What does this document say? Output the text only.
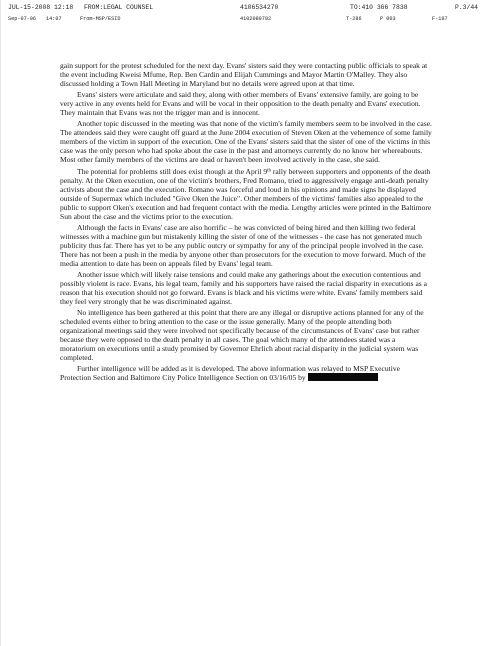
JUL-15-2008 12:18 FROM:LEGAL COUNSEL	4106534270	TO:410 366 7838	P.3/44
Sep-07-06 14:07	From-MSP/ESID	4102080792	T-286	P 003	F-197

gain support for the protest scheduled for the next day. Evans' sisters said they were contacting public officials to speak at the event including Kweisi Mfume, Rep. Ben Cardin and Elijah Cummings and Mayor Martin O'Malley. They also discussed holding a Town Hall Meeting in Maryland but no details were agreed upon at that time.

Evans' sisters were articulate and said they, along with other members of Evans' extensive family, are going to be very active in any events held for Evans and will be vocal in their opposition to the death penalty and Evans' execution. They maintain that Evans was not the trigger man and is innocent.

Another topic discussed in the meeting was that none of the victim's family members seem to be involved in the case. The attendees said they were caught off guard at the June 2004 execution of Steven Oken at the vehemence of some family members of the victim in support of the execution. One of the Evans' sisters said that the sister of one of the victims in this case was the only person who had spoke about the case in the past and attorneys currently do no know her whereabouts. Most other family members of the victims are dead or haven't been involved actively in the case, she said.

The potential for problems still does exist though at the April 9th rally between supporters and opponents of the death penalty. At the Oken execution, one of the victim's brothers, Fred Romano, tried to aggressively engage anti-death penalty activists about the case and the execution. Romano was forceful and loud in his opinions and made signs he displayed outside of Supermax which included "Give Oken the Juice". Other members of the victims' families also appealed to the public to support Oken's execution and had frequent contact with the media. Lengthy articles were printed in the Baltimore Sun about the case and the victims prior to the execution.

Although the facts in Evans' case are also horrific – he was convicted of being hired and then killing two federal witnesses with a machine gun but mistakenly killing the sister of one of the witnesses - the case has not generated much publicity thus far. There has yet to be any public outcry or sympathy for any of the principal people involved in the case. There has not been a push in the media by anyone other than prosecutors for the execution to move forward. Much of the media attention to date has been on appeals filed by Evans' legal team.

Another issue which will likely raise tensions and could make any gatherings about the execution contentious and possibly violent is race. Evans, his legal team, family and his supporters have raised the racial disparity in executions as a reason that his execution should not go forward. Evans is black and his victims were white. Evans' family members said they feel very strongly that he was discriminated against.

No intelligence has been gathered at this point that there are any illegal or disruptive actions planned for any of the scheduled events either to bring attention to the case or the issue generally. Many of the people attending both organizational meetings said they were involved not specifically because of the circumstances of Evans' case but rather because they were opposed to the death penalty in all cases. The goal which many of the attendees stated was a moratorium on executions until a study promised by Governor Ehrlich about racial disparity in the judicial system was completed.

Further intelligence will be added as it is developed. The above information was relayed to MSP Executive Protection Section and Baltimore City Police Intelligence Section on 03/16/05 by
